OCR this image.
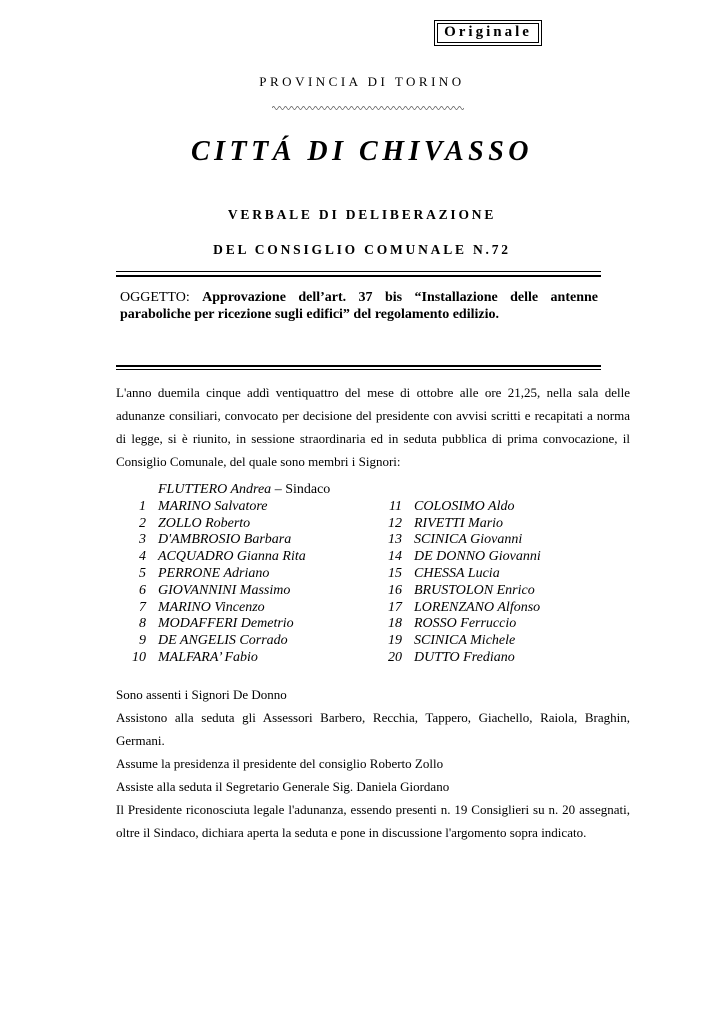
Originale
PROVINCIA DI TORINO
CITTÁ DI CHIVASSO
VERBALE DI DELIBERAZIONE
DEL CONSIGLIO COMUNALE N.72
OGGETTO: Approvazione dell’art. 37 bis “Installazione delle antenne paraboliche per ricezione sugli edifici” del regolamento edilizio.
L'anno duemila cinque addì ventiquattro del mese di ottobre alle ore 21,25, nella sala delle adunanze consiliari, convocato per decisione del presidente con avvisi scritti e recapitati a norma di legge, si è riunito, in sessione straordinaria ed in seduta pubblica di prima convocazione, il Consiglio Comunale, del quale sono membri i Signori:
FLUTTERO Andrea – Sindaco
1 MARINO Salvatore	11 COLOSIMO Aldo
2 ZOLLO Roberto	12 RIVETTI Mario
3 D'AMBROSIO Barbara	13 SCINICA Giovanni
4 ACQUADRO Gianna Rita	14 DE DONNO Giovanni
5 PERRONE Adriano	15 CHESSA Lucia
6 GIOVANNINI Massimo	16 BRUSTOLON Enrico
7 MARINO Vincenzo	17 LORENZANO Alfonso
8 MODAFFERI Demetrio	18 ROSSO Ferruccio
9 DE ANGELIS Corrado	19 SCINICA Michele
10 MALFARA’ Fabio	20 DUTTO Frediano
Sono assenti i Signori De Donno
Assistono alla seduta gli Assessori Barbero, Recchia, Tappero, Giachello, Raiola, Braghin, Germani.
Assume la presidenza il presidente del consiglio Roberto Zollo
Assiste alla seduta il Segretario Generale Sig. Daniela Giordano
Il Presidente riconosciuta legale l'adunanza, essendo presenti n. 19 Consiglieri su n. 20 assegnati, oltre il Sindaco, dichiara aperta la seduta e pone in discussione l'argomento sopra indicato.
